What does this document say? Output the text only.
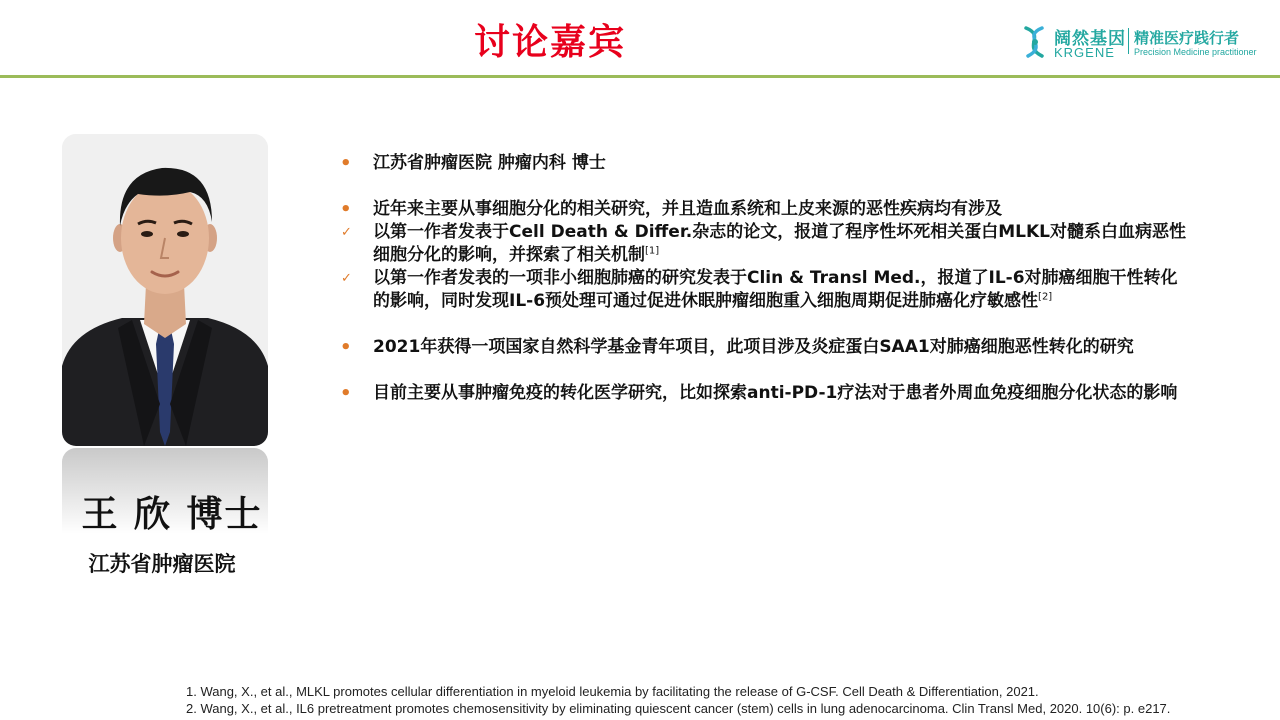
讨论嘉宾	阔然基因
KRGENE
精准医疗践行者
Precision Medicine practitioner
王 欣 博士
江苏省肿瘤医院
• 江苏省肿瘤医院 肿瘤内科 博士
• 近年来主要从事细胞分化的相关研究，并且造血系统和上皮来源的恶性疾病均有涉及
✓ 以第一作者发表于Cell Death & Differ.杂志的论文，报道了程序性坏死相关蛋白MLKL对髓系白血病恶性细胞分化的影响，并探索了相关机制[1]
✓ 以第一作者发表的一项非小细胞肺癌的研究发表于Clin & Transl Med.，报道了IL-6对肺癌细胞干性转化的影响，同时发现IL-6预处理可通过促进休眠肿瘤细胞重入细胞周期促进肺癌化疗敏感性[2]
• 2021年获得一项国家自然科学基金青年项目，此项目涉及炎症蛋白SAA1对肺癌细胞恶性转化的研究
• 目前主要从事肿瘤免疫的转化医学研究，比如探索anti-PD-1疗法对于患者外周血免疫细胞分化状态的影响
1. Wang, X., et al., MLKL promotes cellular differentiation in myeloid leukemia by facilitating the release of G-CSF. Cell Death & Differentiation, 2021.
2. Wang, X., et al., IL6 pretreatment promotes chemosensitivity by eliminating quiescent cancer (stem) cells in lung adenocarcinoma. Clin Transl Med, 2020. 10(6): p. e217.
